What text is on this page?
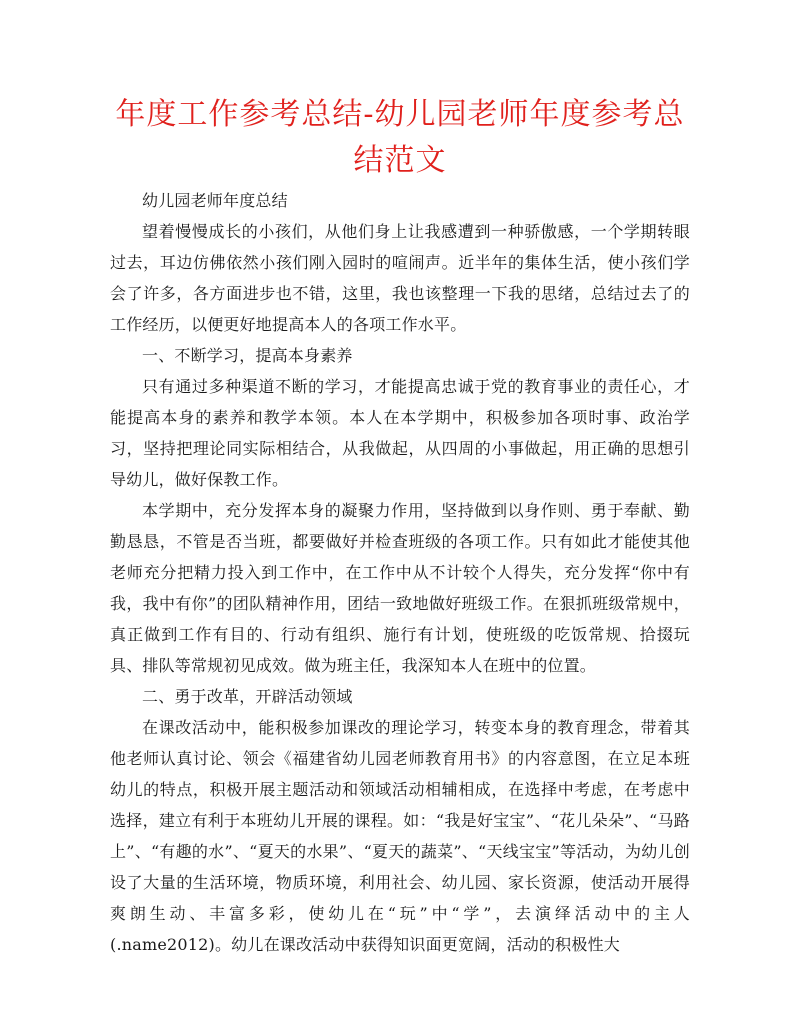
年度工作参考总结-幼儿园老师年度参考总结范文

幼儿园老师年度总结

望着慢慢成长的小孩们，从他们身上让我感遭到一种骄傲感，一个学期转眼过去，耳边仿佛依然小孩们刚入园时的喧闹声。近半年的集体生活，使小孩们学会了许多，各方面进步也不错，这里，我也该整理一下我的思绪，总结过去了的工作经历，以便更好地提高本人的各项工作水平。

一、不断学习，提高本身素养

只有通过多种渠道不断的学习，才能提高忠诚于党的教育事业的责任心，才能提高本身的素养和教学本领。本人在本学期中，积极参加各项时事、政治学习，坚持把理论同实际相结合，从我做起，从四周的小事做起，用正确的思想引导幼儿，做好保教工作。

本学期中，充分发挥本身的凝聚力作用，坚持做到以身作则、勇于奉献、勤勤恳恳，不管是否当班，都要做好并检查班级的各项工作。只有如此才能使其他老师充分把精力投入到工作中，在工作中从不计较个人得失，充分发挥“你中有我，我中有你”的团队精神作用，团结一致地做好班级工作。在狠抓班级常规中，真正做到工作有目的、行动有组织、施行有计划，使班级的吃饭常规、拾掇玩具、排队等常规初见成效。做为班主任，我深知本人在班中的位置。

二、勇于改革，开辟活动领域

在课改活动中，能积极参加课改的理论学习，转变本身的教育理念，带着其他老师认真讨论、领会《福建省幼儿园老师教育用书》的内容意图，在立足本班幼儿的特点，积极开展主题活动和领域活动相辅相成，在选择中考虑，在考虑中选择，建立有利于本班幼儿开展的课程。如：“我是好宝宝”、“花儿朵朵”、“马路上”、“有趣的水”、“夏天的水果”、“夏天的蔬菜”、“天线宝宝”等活动，为幼儿创设了大量的生活环境，物质环境，利用社会、幼儿园、家长资源，使活动开展得爽朗生动、丰富多彩，使幼儿在“玩”中“学”，去演绎活动中的主人(.name2012)。幼儿在课改活动中获得知识面更宽阔，活动的积极性大
